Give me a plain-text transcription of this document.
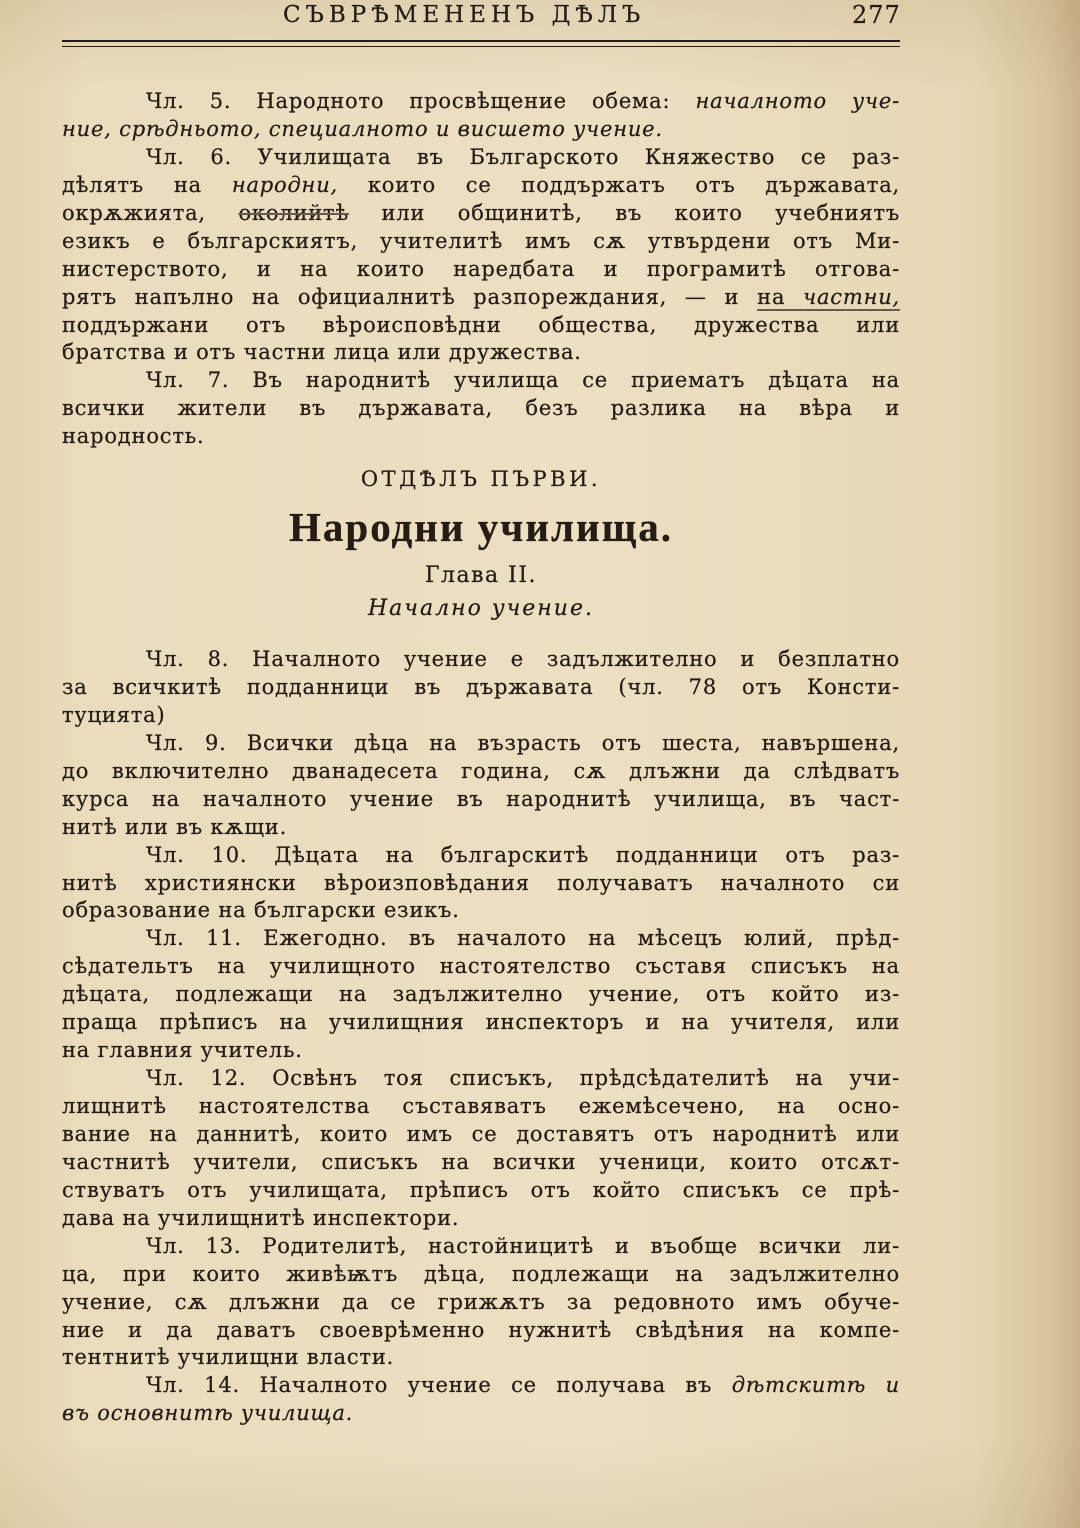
СЪВРѢМЕНЕНЪ ДѢЛЪ	277
Чл. 5. Народното просвѣщение обема: началното уче-
ние, срѣдньото, специалното и висшето учение.
Чл. 6. Училищата въ Българското Княжество се раз-
дѣлятъ на народни, които се поддържатъ отъ държавата,
окрѫжията, околийтѣ или общинитѣ, въ които учебниятъ
езикъ е българскиятъ, учителитѣ имъ сѫ утвърдени отъ Ми-
нистерството, и на които наредбата и програмитѣ отгова-
рятъ напълно на официалнитѣ разпореждания, — и на частни,
поддържани отъ вѣроисповѣдни общества, дружества или
братства и отъ частни лица или дружества.
Чл. 7. Въ народнитѣ училища се приематъ дѣцата на
всички жители въ държавата, безъ разлика на вѣра и
народность.
ОТДѢЛЪ ПЪРВИ.
Народни училища.
Глава II.
Начално учение.
Чл. 8. Началното учение е задължително и безплатно
за всичкитѣ подданници въ държавата (чл. 78 отъ Консти-
туцията)
Чл. 9. Всички дѣца на възрасть отъ шеста, навършена,
до включително дванадесета година, сѫ длъжни да слѣдватъ
курса на началното учение въ народнитѣ училища, въ част-
нитѣ или въ кѫщи.
Чл. 10. Дѣцата на българскитѣ подданници отъ раз-
нитѣ християнски вѣроизповѣдания получаватъ началното си
образование на български езикъ.
Чл. 11. Ежегодно. въ началото на мѣсецъ юлий, прѣд-
сѣдательтъ на училищното настоятелство съставя списъкъ на
дѣцата, подлежащи на задължително учение, отъ който из-
праща прѣписъ на училищния инспекторъ и на учителя, или
на главния учитель.
Чл. 12. Освѣнъ тоя списъкъ, прѣдсѣдателитѣ на учи-
лищнитѣ настоятелства съставяватъ ежемѣсечено, на осно-
вание на даннитѣ, които имъ се доставятъ отъ народнитѣ или
частнитѣ учители, списъкъ на всички ученици, които отсѫт-
ствуватъ отъ училищата, прѣписъ отъ който списъкъ се прѣ-
дава на училищнитѣ инспектори.
Чл. 13. Родителитѣ, настойницитѣ и въобще всички ли-
ца, при които живѣѭтъ дѣца, подлежащи на задължително
учение, сѫ длъжни да се грижѫтъ за редовното имъ обуче-
ние и да даватъ своеврѣменно нужнитѣ свѣдѣния на компе-
тентнитѣ училищни власти.
Чл. 14. Началното учение се получава въ дѣтскитѣ и
въ основнитѣ училища.
